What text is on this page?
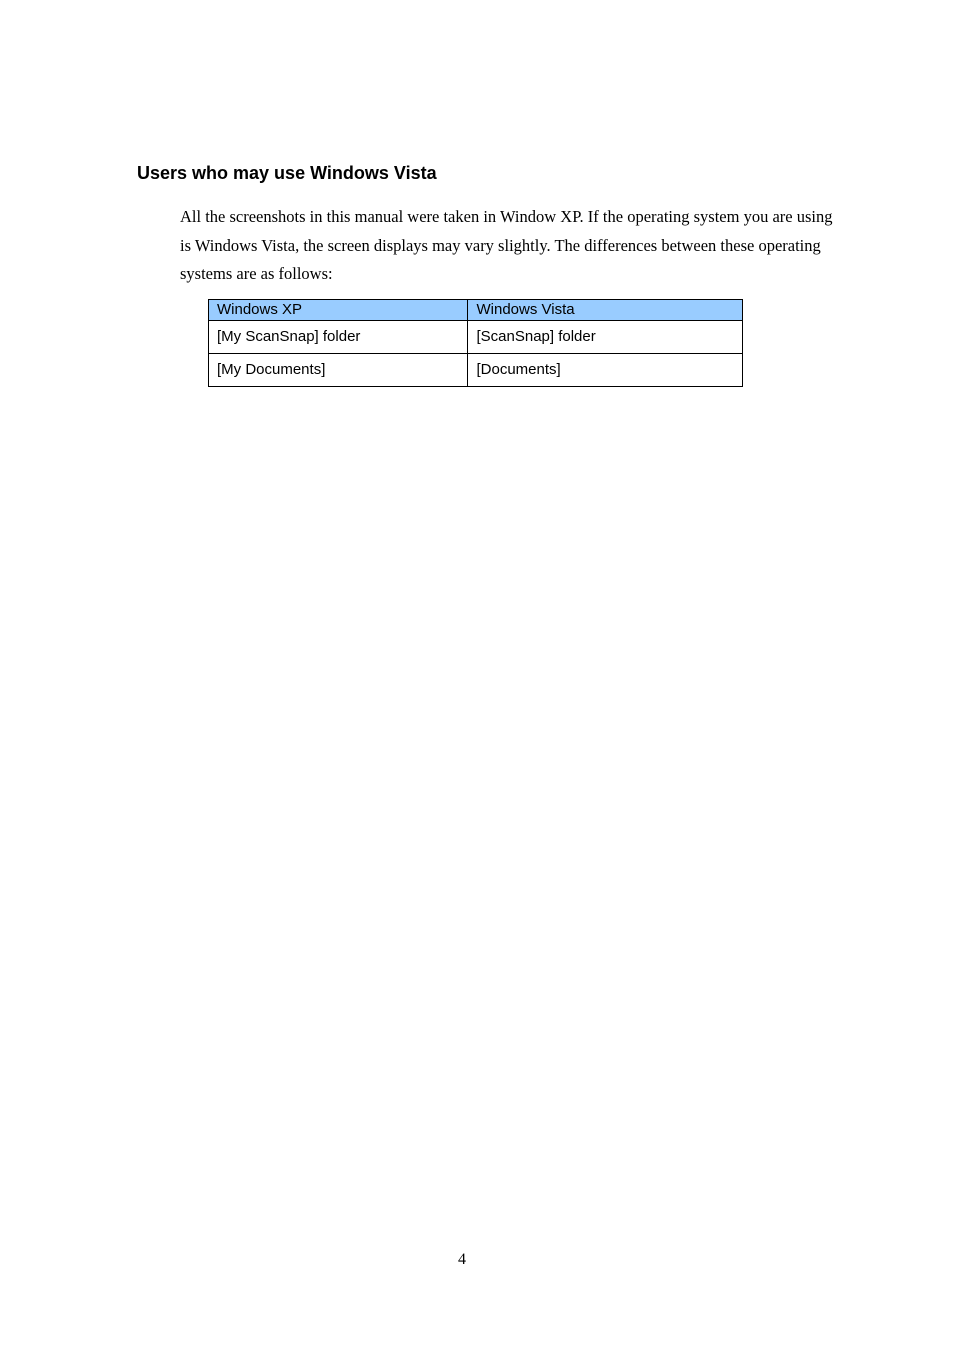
Users who may use Windows Vista

All the screenshots in this manual were taken in Window XP. If the operating system you are using is Windows Vista, the screen displays may vary slightly. The differences between these operating systems are as follows:

Windows XP	Windows Vista
[My ScanSnap] folder	[ScanSnap] folder
[My Documents]	[Documents]
4
